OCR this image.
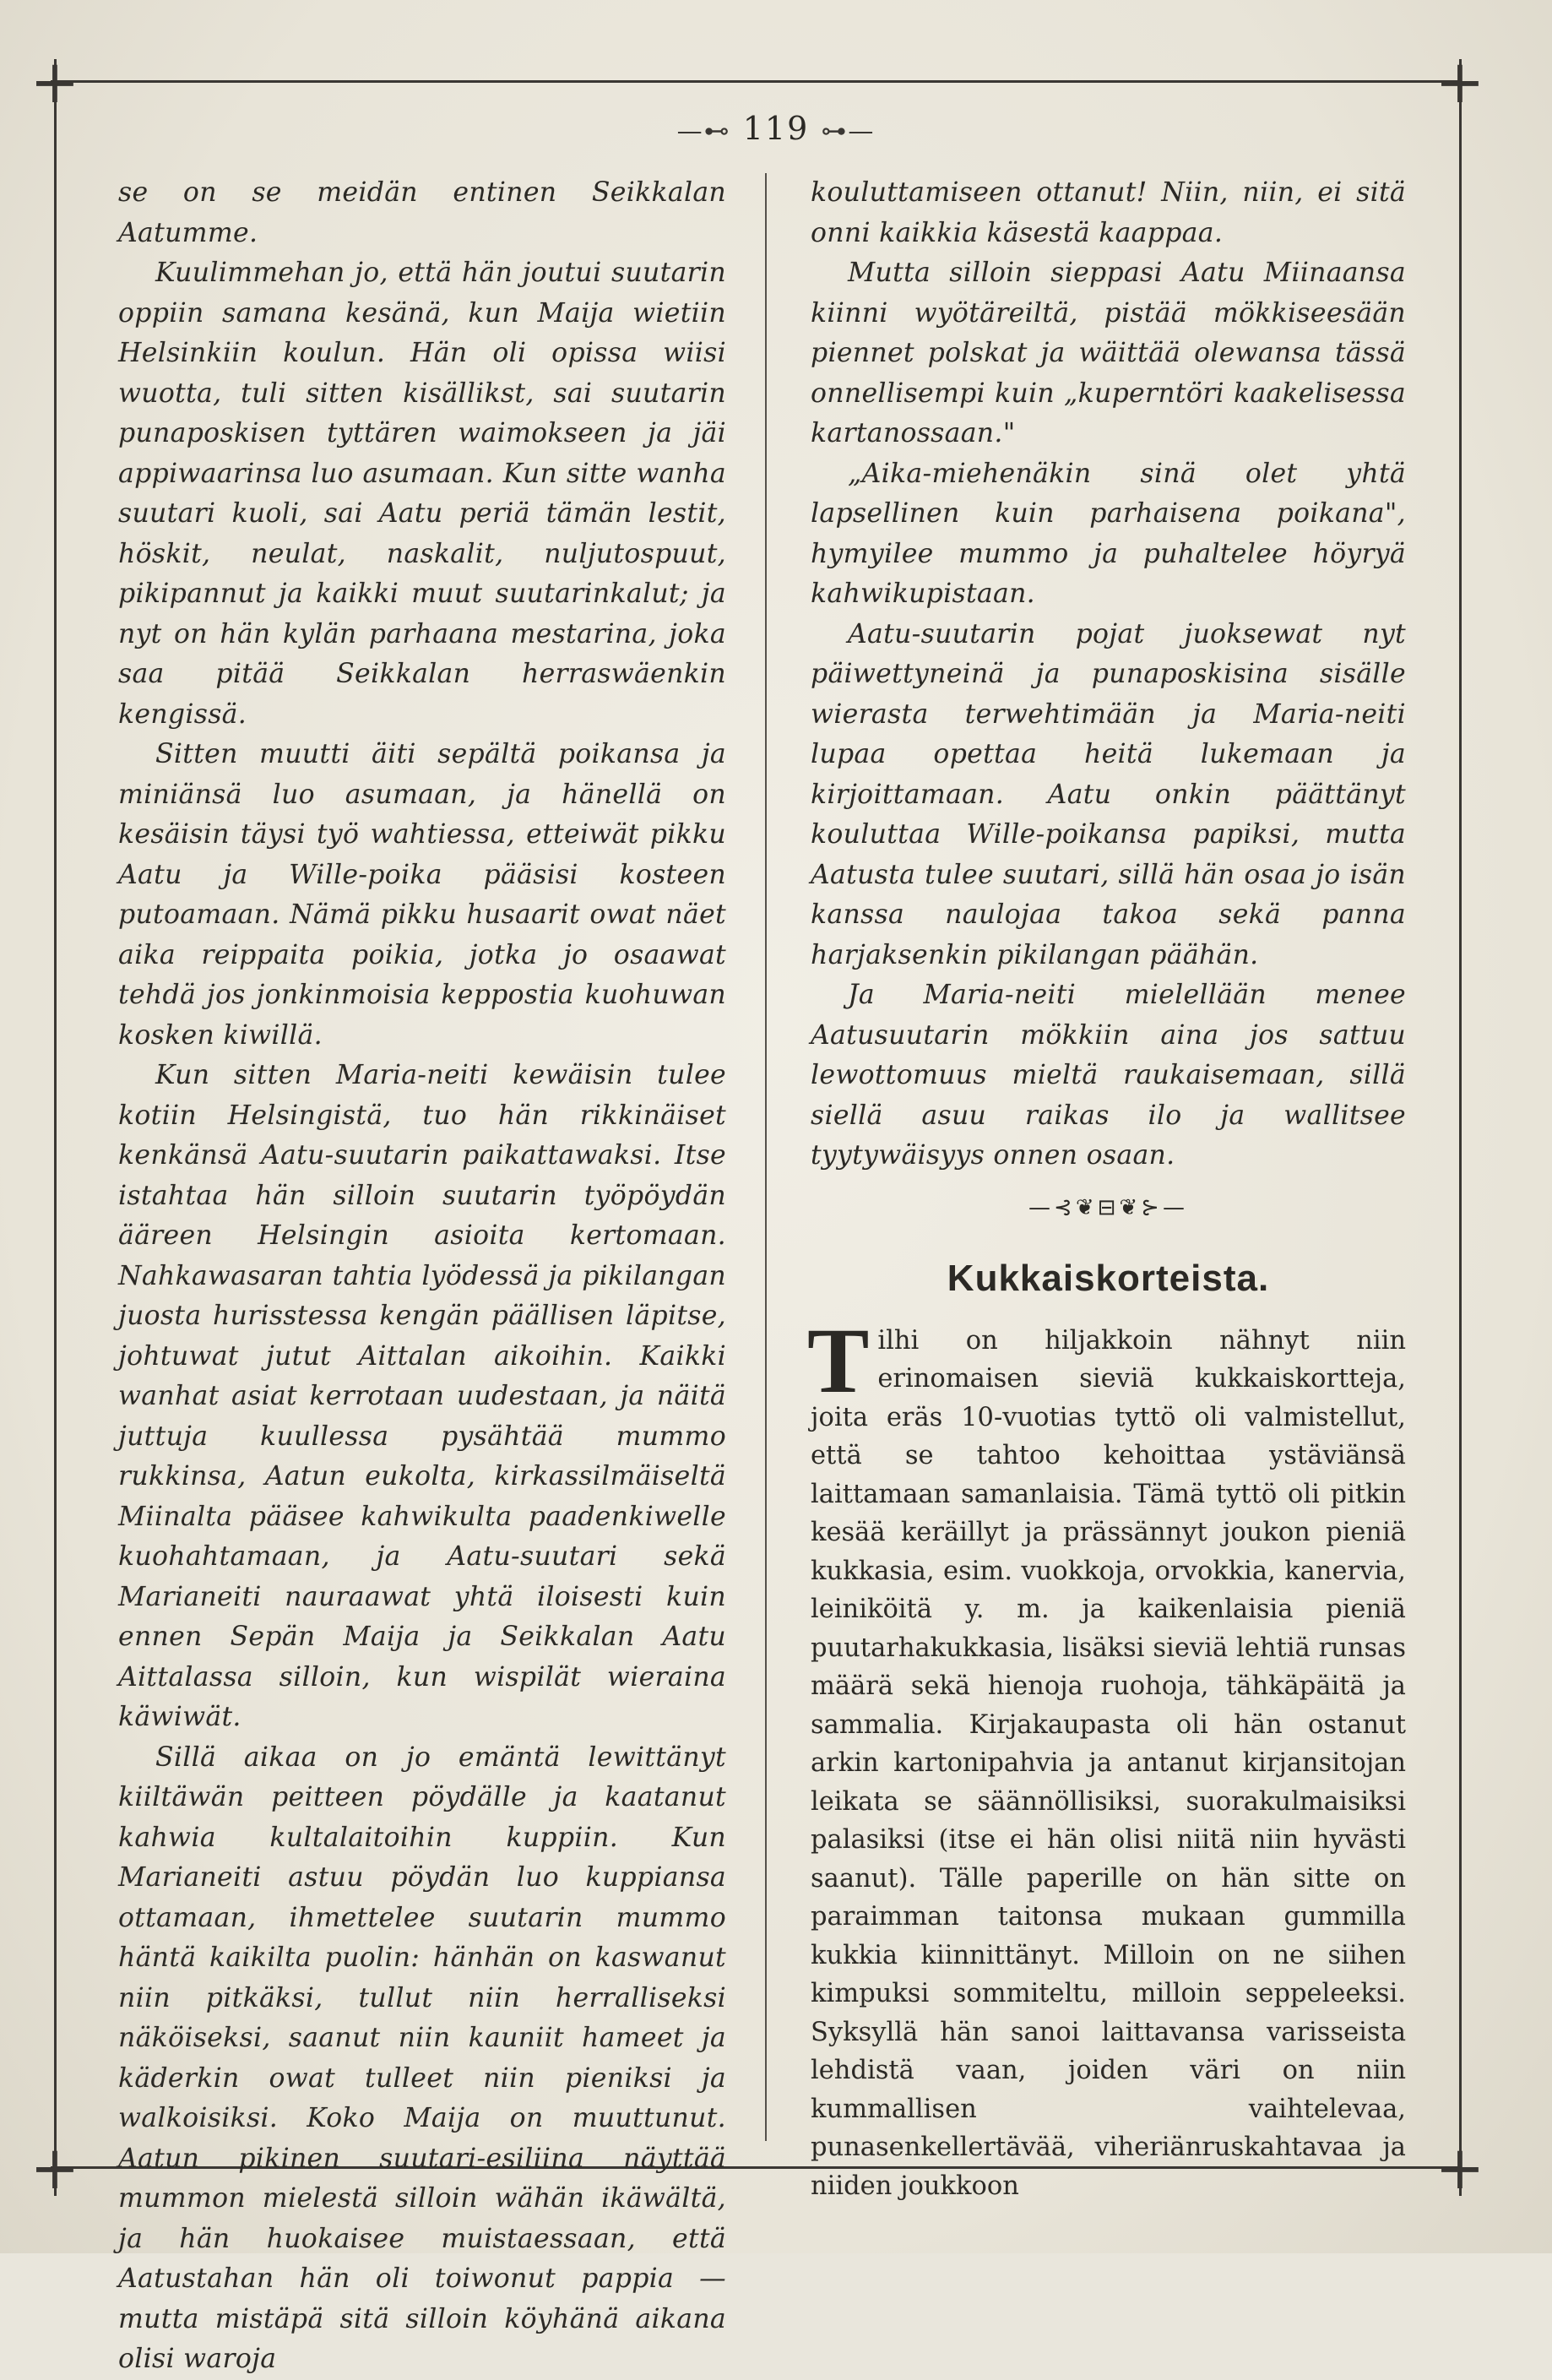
+	+
+	+
—⊷ 119 ⊶—

se on se meidän entinen Seikkalan Aatumme.

Kuulimmehan jo, että hän joutui suutarin oppiin samana kesänä, kun Maija wietiin Helsinkiin koulun. Hän oli opissa wiisi wuotta, tuli sitten kisällikst, sai suutarin punaposkisen tyttären waimokseen ja jäi appiwaarinsa luo asumaan. Kun sitte wanha suutari kuoli, sai Aatu periä tämän lestit, höskit, neulat, naskalit, nuljutospuut, pikipannut ja kaikki muut suutarinkalut; ja nyt on hän kylän parhaana mestarina, joka saa pitää Seikkalan herraswäenkin kengissä.

Sitten muutti äiti sepältä poikansa ja miniänsä luo asumaan, ja hänellä on kesäisin täysi työ wahtiessa, etteiwät pikku Aatu ja Wille-poika pääsisi kosteen putoamaan. Nämä pikku husaarit owat näet aika reippaita poikia, jotka jo osaawat tehdä jos jonkinmoisia keppostia kuohuwan kosken kiwillä.

Kun sitten Maria-neiti kewäisin tulee kotiin Helsingistä, tuo hän rikkinäiset kenkänsä Aatu-suutarin paikattawaksi. Itse istahtaa hän silloin suutarin työpöydän ääreen Helsingin asioita kertomaan. Nahkawasaran tahtia lyödessä ja pikilangan juosta hurisstessa kengän päällisen läpitse, johtuwat jutut Aittalan aikoihin. Kaikki wanhat asiat kerrotaan uudestaan, ja näitä juttuja kuullessa pysähtää mummo rukkinsa, Aatun eukolta, kirkassilmäiseltä Miinalta pääsee kahwikulta paadenkiwelle kuohahtamaan, ja Aatu-suutari sekä Marianeiti nauraawat yhtä iloisesti kuin ennen Sepän Maija ja Seikkalan Aatu Aittalassa silloin, kun wispilät wieraina käwiwät.

Sillä aikaa on jo emäntä lewittänyt kiiltäwän peitteen pöydälle ja kaatanut kahwia kultalaitoihin kuppiin. Kun Marianeiti astuu pöydän luo kuppiansa ottamaan, ihmettelee suutarin mummo häntä kaikilta puolin: hänhän on kaswanut niin pitkäksi, tullut niin herralliseksi näköiseksi, saanut niin kauniit hameet ja käderkin owat tulleet niin pieniksi ja walkoisiksi. Koko Maija on muuttunut. Aatun pikinen suutari-esiliina näyttää mummon mielestä silloin wähän ikäwältä, ja hän huokaisee muistaessaan, että Aatustahan hän oli toiwonut pappia — mutta mistäpä sitä silloin köyhänä aikana olisi waroja

kouluttamiseen ottanut! Niin, niin, ei sitä onni kaikkia käsestä kaappaa.

Mutta silloin sieppasi Aatu Miinaansa kiinni wyötäreiltä, pistää mökkiseesään piennet polskat ja wäittää olewansa tässä onnellisempi kuin „kuperntöri kaakelisessa kartanossaan."

„Aika-miehenäkin sinä olet yhtä lapsellinen kuin parhaisena poikana", hymyilee mummo ja puhaltelee höyryä kahwikupistaan.

Aatu-suutarin pojat juoksewat nyt päiwettyneinä ja punaposkisina sisälle wierasta terwehtimään ja Maria-neiti lupaa opettaa heitä lukemaan ja kirjoittamaan. Aatu onkin päättänyt kouluttaa Wille-poikansa papiksi, mutta Aatusta tulee suutari, sillä hän osaa jo isän kanssa naulojaa takoa sekä panna harjaksenkin pikilangan päähän.

Ja Maria-neiti mielellään menee Aatusuutarin mökkiin aina jos sattuu lewottomuus mieltä raukaisemaan, sillä siellä asuu raikas ilo ja wallitsee tyytywäisyys onnen osaan.

—⊰❦⊟❦⊱—
Kukkaiskorteista.
Tilhi on hiljakkoin nähnyt niin erinomaisen sieviä kukkaiskortteja, joita eräs 10-vuotias tyttö oli valmistellut, että se tahtoo kehoittaa ystäviänsä laittamaan samanlaisia. Tämä tyttö oli pitkin kesää keräillyt ja prässännyt joukon pieniä kukkasia, esim. vuokkoja, orvokkia, kanervia, leiniköitä y. m. ja kaikenlaisia pieniä puutarhakukkasia, lisäksi sieviä lehtiä runsas määrä sekä hienoja ruohoja, tähkäpäitä ja sammalia. Kirjakaupasta oli hän ostanut arkin kartonipahvia ja antanut kirjansitojan leikata se säännöllisiksi, suorakulmaisiksi palasiksi (itse ei hän olisi niitä niin hyvästi saanut). Tälle paperille on hän sitte on paraimman taitonsa mukaan gummilla kukkia kiinnittänyt. Milloin on ne siihen kimpuksi sommiteltu, milloin seppeleeksi. Syksyllä hän sanoi laittavansa varisseista lehdistä vaan, joiden väri on niin kummallisen vaihtelevaa, punasenkellertävää, viheriänruskahtavaa ja niiden joukkoon
